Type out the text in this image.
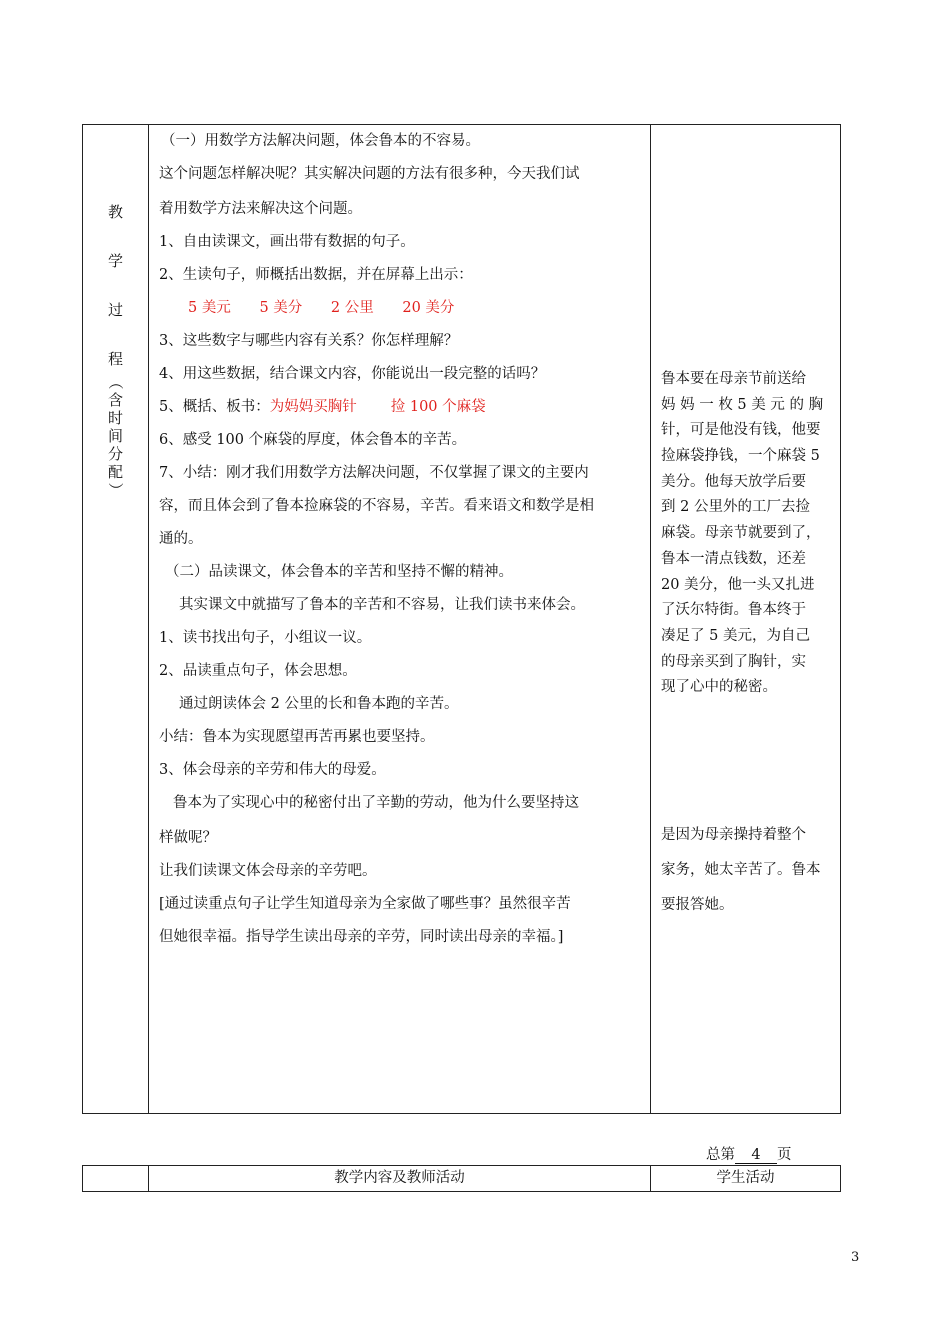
教
学
过
程
（
含
时
间
分
配
）
（一）用数学方法解决问题，体会鲁本的不容易。
这个问题怎样解决呢？其实解决问题的方法有很多种，今天我们试
着用数学方法来解决这个问题。
1、自由读课文，画出带有数据的句子。
2、生读句子，师概括出数据，并在屏幕上出示：
5 美元 5 美分 2 公里 20 美分
3、这些数字与哪些内容有关系？你怎样理解？
4、用这些数据，结合课文内容，你能说出一段完整的话吗？
5、概括、板书：为妈妈买胸针 捡 100 个麻袋
6、感受 100 个麻袋的厚度，体会鲁本的辛苦。
7、小结：刚才我们用数学方法解决问题，不仅掌握了课文的主要内
容，而且体会到了鲁本捡麻袋的不容易，辛苦。看来语文和数学是相
通的。
（二）品读课文，体会鲁本的辛苦和坚持不懈的精神。
其实课文中就描写了鲁本的辛苦和不容易，让我们读书来体会。
1、读书找出句子，小组议一议。
2、品读重点句子，体会思想。
通过朗读体会 2 公里的长和鲁本跑的辛苦。
小结：鲁本为实现愿望再苦再累也要坚持。
3、体会母亲的辛劳和伟大的母爱。
鲁本为了实现心中的秘密付出了辛勤的劳动，他为什么要坚持这
样做呢？
让我们读课文体会母亲的辛劳吧。
[通过读重点句子让学生知道母亲为全家做了哪些事？虽然很辛苦
但她很幸福。指导学生读出母亲的辛劳，同时读出母亲的幸福。]
鲁本要在母亲节前送给
妈 妈 一 枚 5 美 元 的 胸
针，可是他没有钱，他要
捡麻袋挣钱，一个麻袋 5
美分。他每天放学后要
到 2 公里外的工厂去捡
麻袋。母亲节就要到了，
鲁本一清点钱数，还差
20 美分，他一头又扎进
了沃尔特街。鲁本终于
凑足了 5 美元，为自己
的母亲买到了胸针，实
现了心中的秘密。
是因为母亲操持着整个
家务，她太辛苦了。鲁本
要报答她。
总第 4 页
教学内容及教师活动	学生活动
3
